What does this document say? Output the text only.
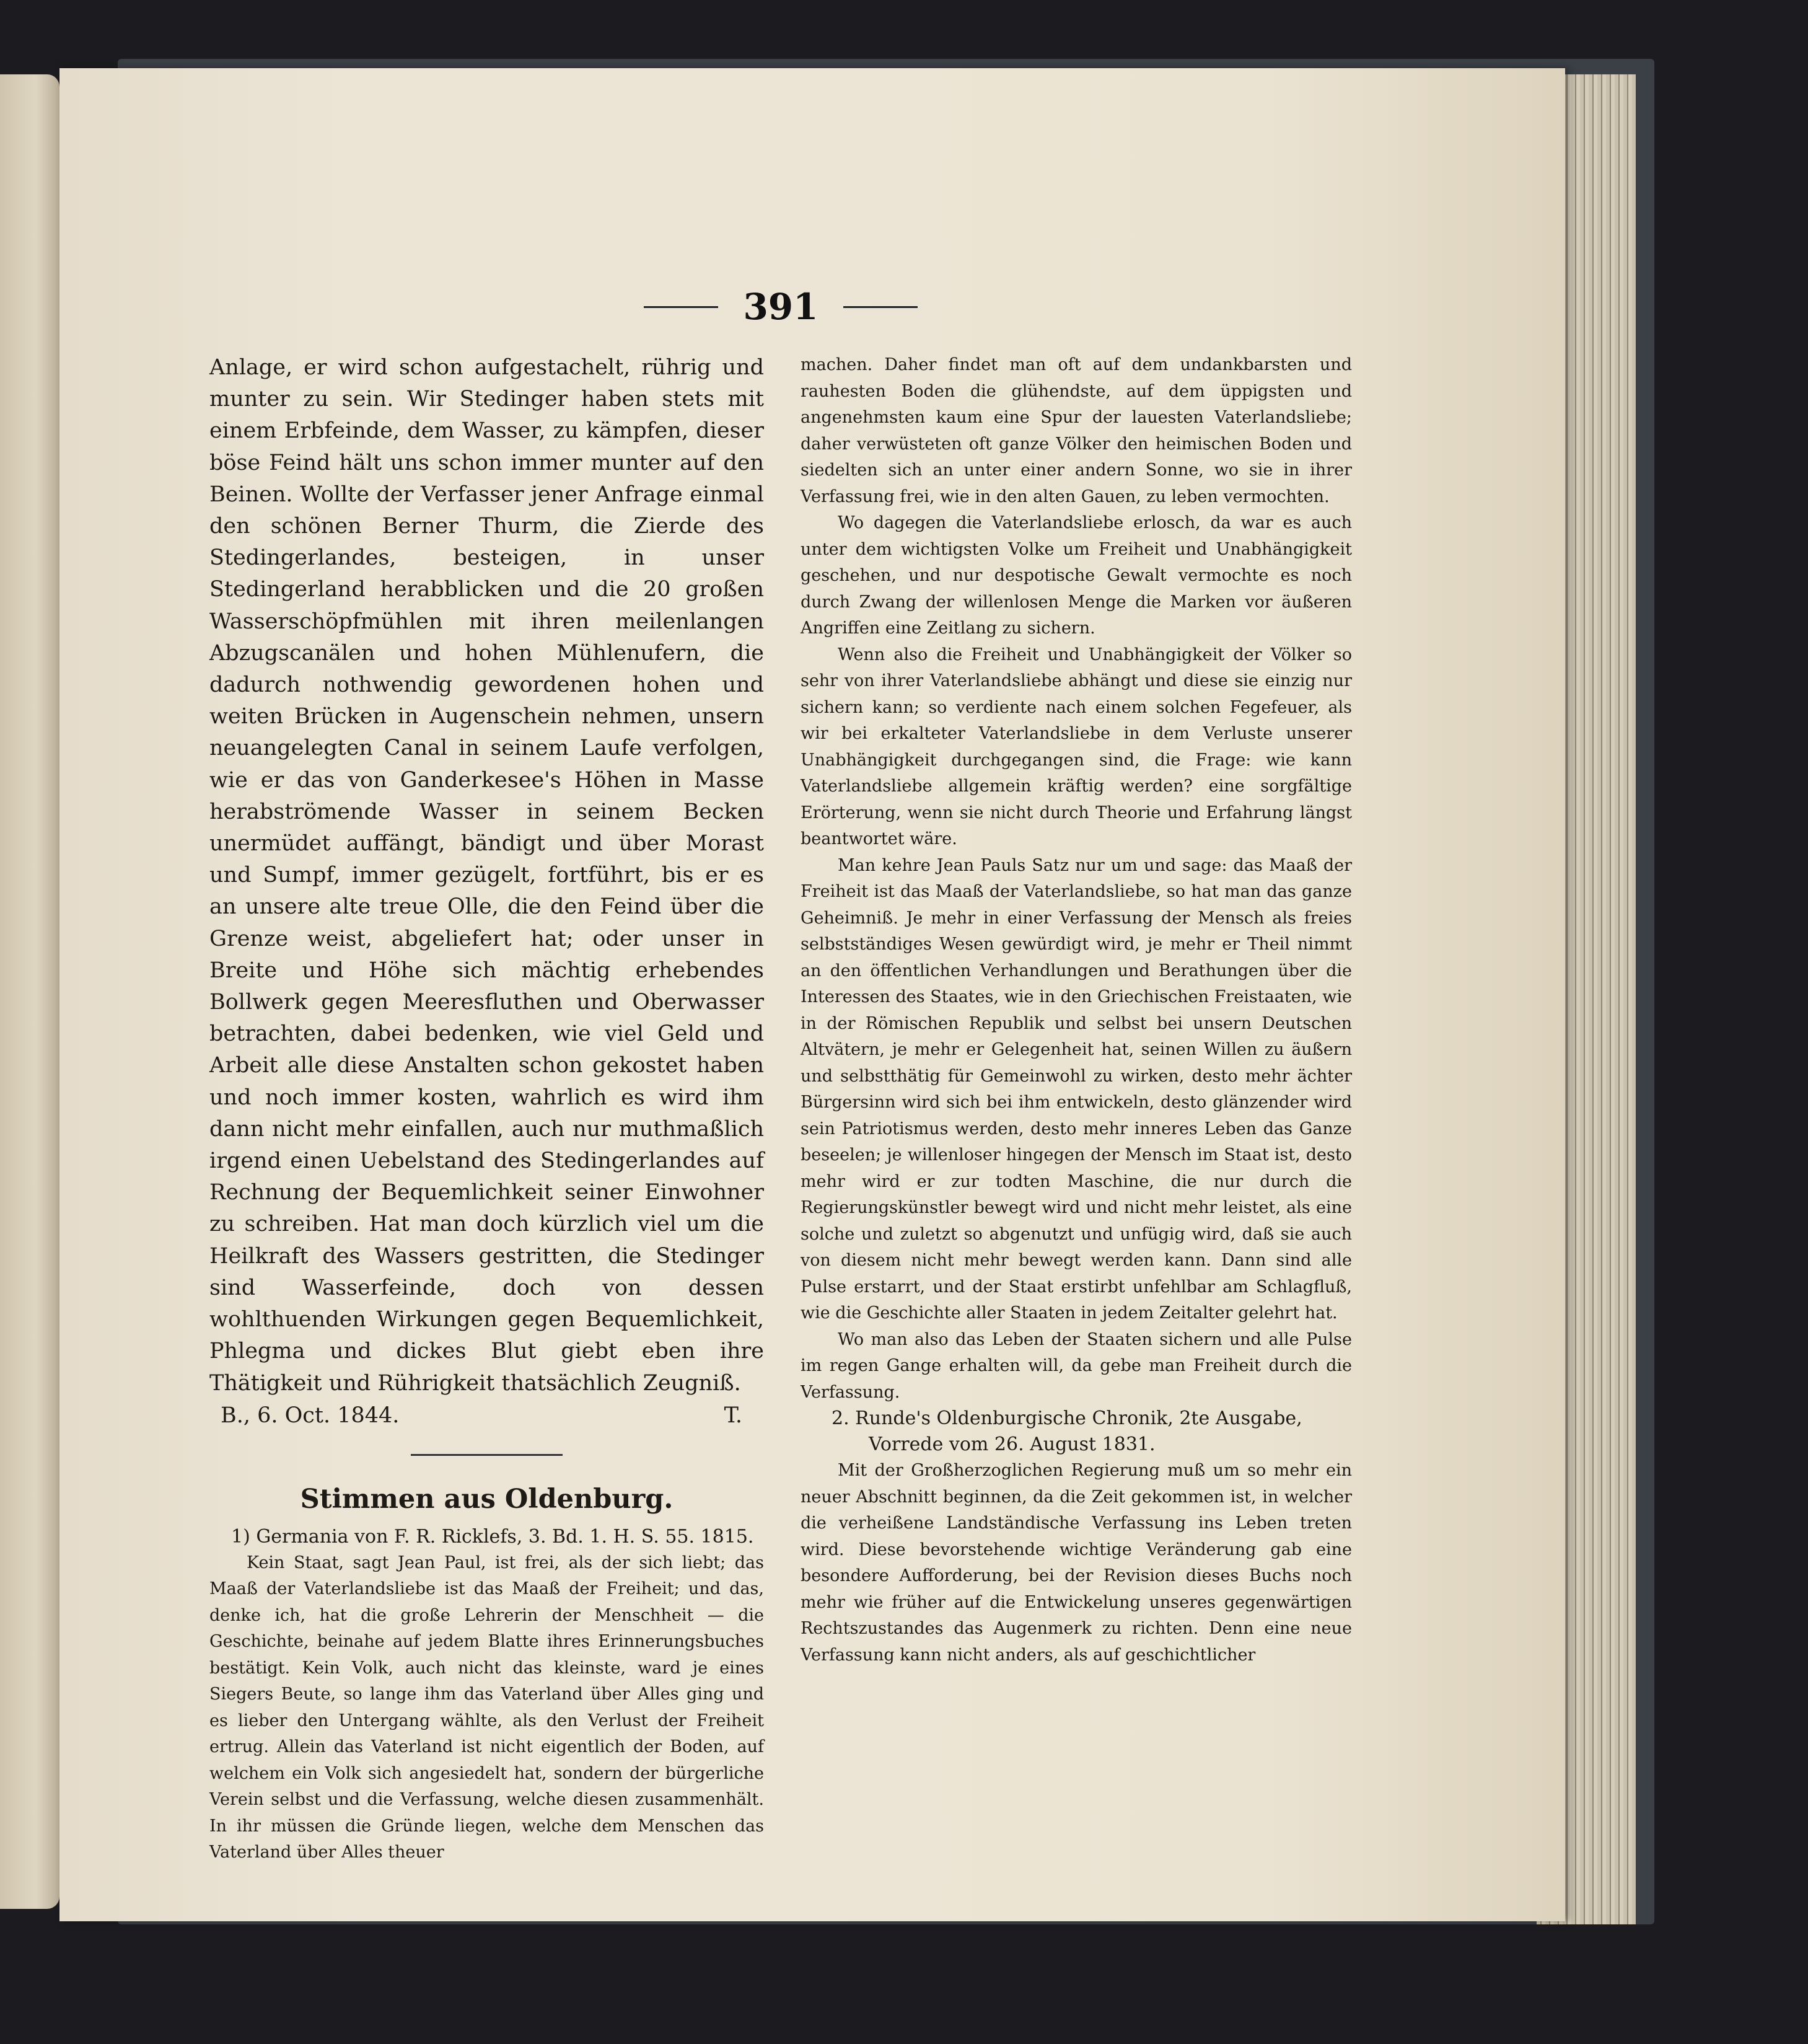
391

Anlage, er wird schon aufgestachelt, rührig und munter zu sein. Wir Stedinger haben stets mit einem Erbfeinde, dem Wasser, zu kämpfen, dieser böse Feind hält uns schon immer munter auf den Beinen. Wollte der Verfasser jener Anfrage einmal den schönen Berner Thurm, die Zierde des Stedingerlandes, besteigen, in unser Stedingerland herabblicken und die 20 großen Wasserschöpfmühlen mit ihren meilenlangen Abzugscanälen und hohen Mühlenufern, die dadurch nothwendig gewordenen hohen und weiten Brücken in Augenschein nehmen, unsern neuangelegten Canal in seinem Laufe verfolgen, wie er das von Ganderkesee's Höhen in Masse herabströmende Wasser in seinem Becken unermüdet auffängt, bändigt und über Morast und Sumpf, immer gezügelt, fortführt, bis er es an unsere alte treue Olle, die den Feind über die Grenze weist, abgeliefert hat; oder unser in Breite und Höhe sich mächtig erhebendes Bollwerk gegen Meeresfluthen und Oberwasser betrachten, dabei bedenken, wie viel Geld und Arbeit alle diese Anstalten schon gekostet haben und noch immer kosten, wahrlich es wird ihm dann nicht mehr einfallen, auch nur muthmaßlich irgend einen Uebelstand des Stedingerlandes auf Rechnung der Bequemlichkeit seiner Einwohner zu schreiben. Hat man doch kürzlich viel um die Heilkraft des Wassers gestritten, die Stedinger sind Wasserfeinde, doch von dessen wohlthuenden Wirkungen gegen Bequemlichkeit, Phlegma und dickes Blut giebt eben ihre Thätigkeit und Rührigkeit thatsächlich Zeugniß.

B., 6. Oct. 1844.	T.
Stimmen aus Oldenburg.

1) Germania von F. R. Ricklefs, 3. Bd. 1. H. S. 55. 1815.

Kein Staat, sagt Jean Paul, ist frei, als der sich liebt; das Maaß der Vaterlandsliebe ist das Maaß der Freiheit; und das, denke ich, hat die große Lehrerin der Menschheit — die Geschichte, beinahe auf jedem Blatte ihres Erinnerungsbuches bestätigt. Kein Volk, auch nicht das kleinste, ward je eines Siegers Beute, so lange ihm das Vaterland über Alles ging und es lieber den Untergang wählte, als den Verlust der Freiheit ertrug. Allein das Vaterland ist nicht eigentlich der Boden, auf welchem ein Volk sich angesiedelt hat, sondern der bürgerliche Verein selbst und die Verfassung, welche diesen zusammenhält. In ihr müssen die Gründe liegen, welche dem Menschen das Vaterland über Alles theuer

machen. Daher findet man oft auf dem undankbarsten und rauhesten Boden die glühendste, auf dem üppigsten und angenehmsten kaum eine Spur der lauesten Vaterlandsliebe; daher verwüsteten oft ganze Völker den heimischen Boden und siedelten sich an unter einer andern Sonne, wo sie in ihrer Verfassung frei, wie in den alten Gauen, zu leben vermochten.

Wo dagegen die Vaterlandsliebe erlosch, da war es auch unter dem wichtigsten Volke um Freiheit und Unabhängigkeit geschehen, und nur despotische Gewalt vermochte es noch durch Zwang der willenlosen Menge die Marken vor äußeren Angriffen eine Zeitlang zu sichern.

Wenn also die Freiheit und Unabhängigkeit der Völker so sehr von ihrer Vaterlandsliebe abhängt und diese sie einzig nur sichern kann; so verdiente nach einem solchen Fegefeuer, als wir bei erkalteter Vaterlandsliebe in dem Verluste unserer Unabhängigkeit durchgegangen sind, die Frage: wie kann Vaterlandsliebe allgemein kräftig werden? eine sorgfältige Erörterung, wenn sie nicht durch Theorie und Erfahrung längst beantwortet wäre.

Man kehre Jean Pauls Satz nur um und sage: das Maaß der Freiheit ist das Maaß der Vaterlandsliebe, so hat man das ganze Geheimniß. Je mehr in einer Verfassung der Mensch als freies selbstständiges Wesen gewürdigt wird, je mehr er Theil nimmt an den öffentlichen Verhandlungen und Berathungen über die Interessen des Staates, wie in den Griechischen Freistaaten, wie in der Römischen Republik und selbst bei unsern Deutschen Altvätern, je mehr er Gelegenheit hat, seinen Willen zu äußern und selbstthätig für Gemeinwohl zu wirken, desto mehr ächter Bürgersinn wird sich bei ihm entwickeln, desto glänzender wird sein Patriotismus werden, desto mehr inneres Leben das Ganze beseelen; je willenloser hingegen der Mensch im Staat ist, desto mehr wird er zur todten Maschine, die nur durch die Regierungskünstler bewegt wird und nicht mehr leistet, als eine solche und zuletzt so abgenutzt und unfügig wird, daß sie auch von diesem nicht mehr bewegt werden kann. Dann sind alle Pulse erstarrt, und der Staat erstirbt unfehlbar am Schlagfluß, wie die Geschichte aller Staaten in jedem Zeitalter gelehrt hat.

Wo man also das Leben der Staaten sichern und alle Pulse im regen Gange erhalten will, da gebe man Freiheit durch die Verfassung.

2. Runde's Oldenburgische Chronik, 2te Ausgabe, Vorrede vom 26. August 1831.

Mit der Großherzoglichen Regierung muß um so mehr ein neuer Abschnitt beginnen, da die Zeit gekommen ist, in welcher die verheißene Landständische Verfassung ins Leben treten wird. Diese bevorstehende wichtige Veränderung gab eine besondere Aufforderung, bei der Revision dieses Buchs noch mehr wie früher auf die Entwickelung unseres gegenwärtigen Rechtszustandes das Augenmerk zu richten. Denn eine neue Verfassung kann nicht anders, als auf geschichtlicher
